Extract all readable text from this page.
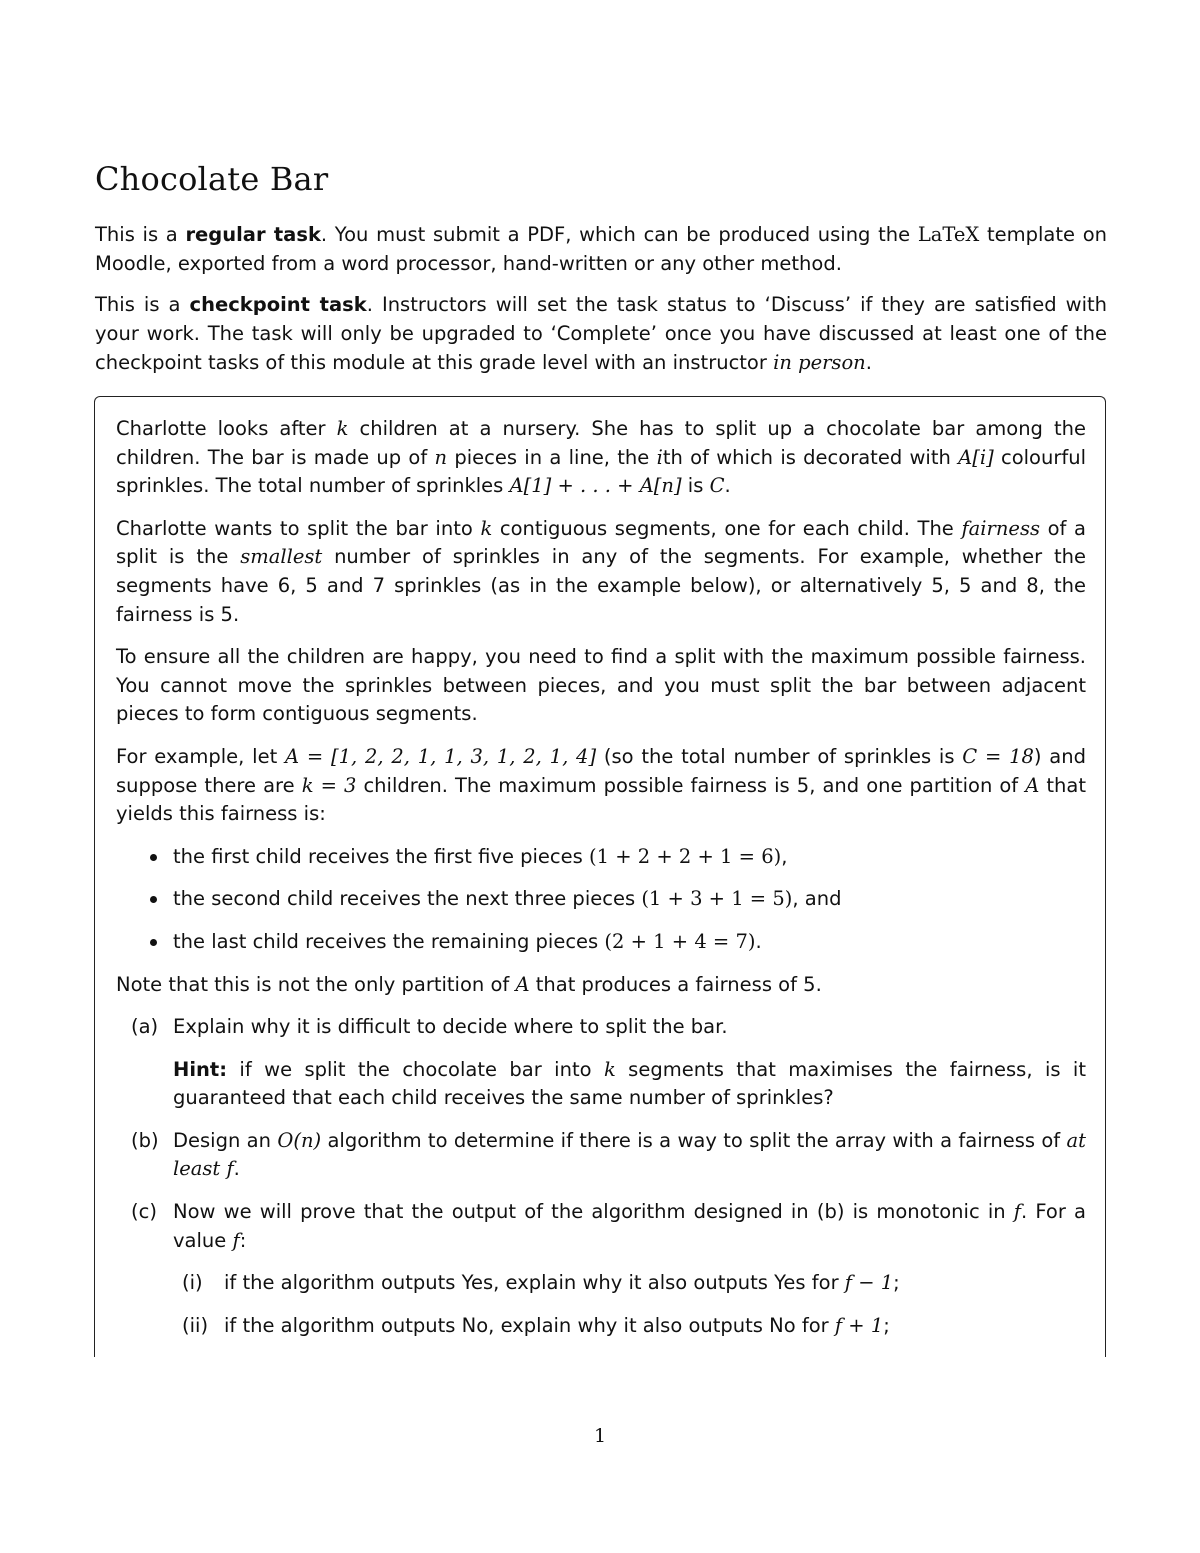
Chocolate Bar

This is a regular task. You must submit a PDF, which can be produced using the LaTeX template on Moodle, exported from a word processor, hand-written or any other method.

This is a checkpoint task. Instructors will set the task status to ‘Discuss’ if they are satisfied with your work. The task will only be upgraded to ‘Complete’ once you have discussed at least one of the checkpoint tasks of this module at this grade level with an instructor in person.

Charlotte looks after k children at a nursery. She has to split up a chocolate bar among the children. The bar is made up of n pieces in a line, the ith of which is decorated with A[i] colourful sprinkles. The total number of sprinkles A[1] + . . . + A[n] is C.

Charlotte wants to split the bar into k contiguous segments, one for each child. The fairness of a split is the smallest number of sprinkles in any of the segments. For example, whether the segments have 6, 5 and 7 sprinkles (as in the example below), or alternatively 5, 5 and 8, the fairness is 5.

To ensure all the children are happy, you need to find a split with the maximum possible fairness. You cannot move the sprinkles between pieces, and you must split the bar between adjacent pieces to form contiguous segments.

For example, let A = [1, 2, 2, 1, 1, 3, 1, 2, 1, 4] (so the total number of sprinkles is C = 18) and suppose there are k = 3 children. The maximum possible fairness is 5, and one partition of A that yields this fairness is:

the first child receives the first five pieces (1 + 2 + 2 + 1 = 6),
the second child receives the next three pieces (1 + 3 + 1 = 5), and
the last child receives the remaining pieces (2 + 1 + 4 = 7).

Note that this is not the only partition of A that produces a fairness of 5.

(a) Explain why it is difficult to decide where to split the bar.

Hint: if we split the chocolate bar into k segments that maximises the fairness, is it guaranteed that each child receives the same number of sprinkles?

(b) Design an O(n) algorithm to determine if there is a way to split the array with a fairness of at least f.

(c) Now we will prove that the output of the algorithm designed in (b) is monotonic in f. For a value f:

(i) if the algorithm outputs Yes, explain why it also outputs Yes for f − 1;
(ii) if the algorithm outputs No, explain why it also outputs No for f + 1;
1
